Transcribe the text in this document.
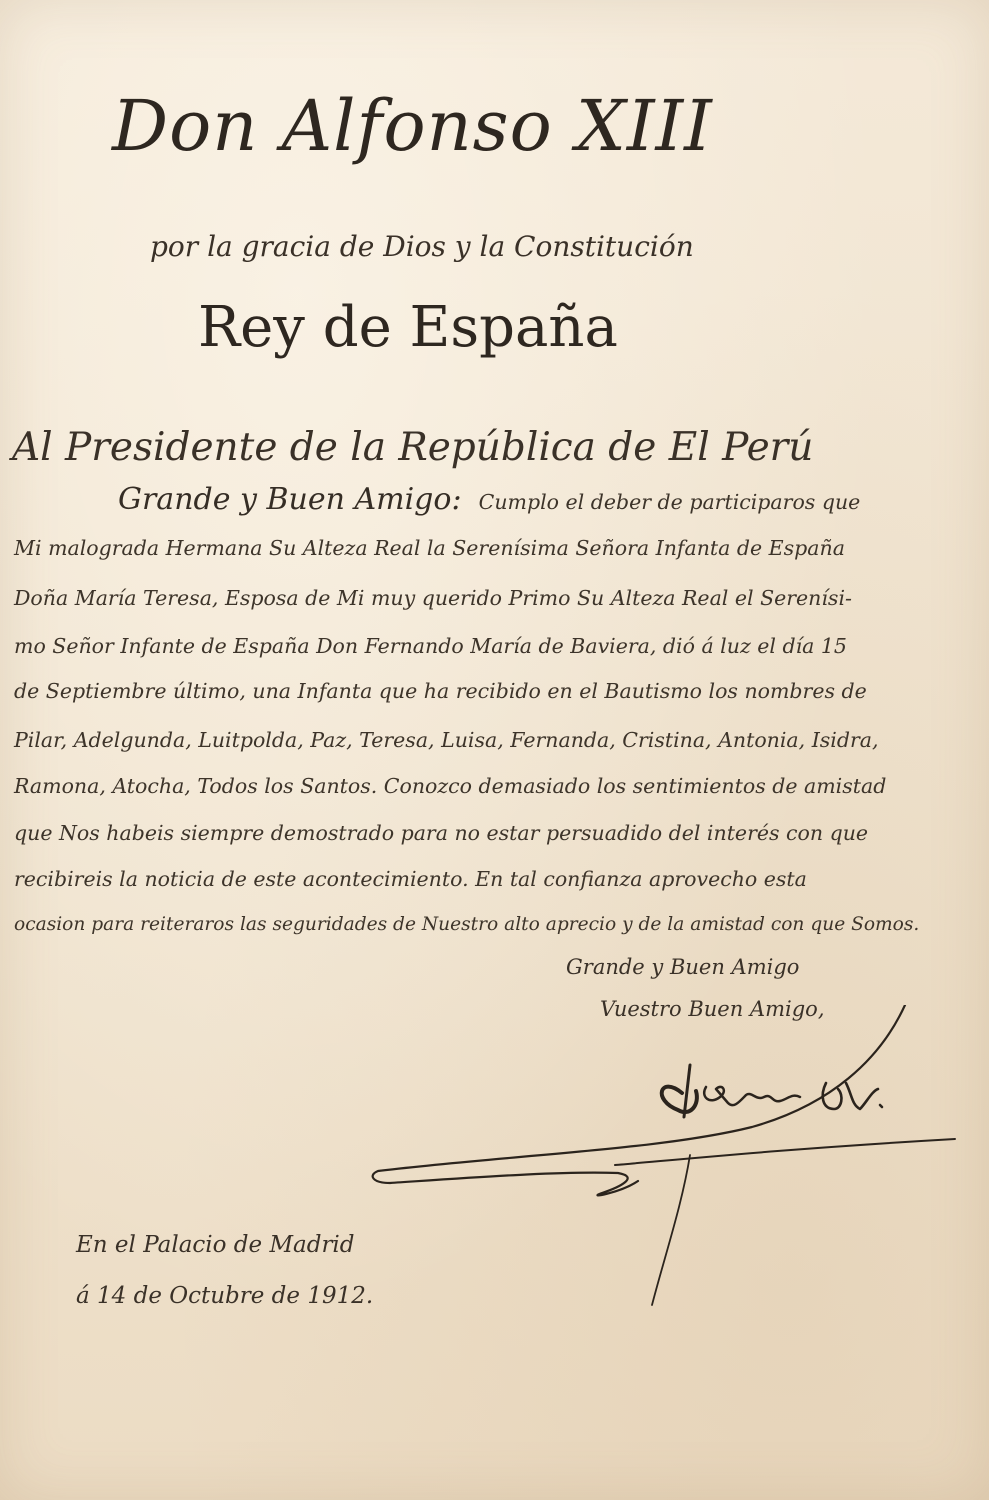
Don Alfonso XIII
por la gracia de Dios y la Constitución
Rey de España
Al Presidente de la República de El Perú
Grande y Buen Amigo: Cumplo el deber de participaros que
Mi malograda Hermana Su Alteza Real la Serenísima Señora Infanta de España
Doña María Teresa, Esposa de Mi muy querido Primo Su Alteza Real el Serenísi-
mo Señor Infante de España Don Fernando María de Baviera, dió á luz el día 15
de Septiembre último, una Infanta que ha recibido en el Bautismo los nombres de
Pilar, Adelgunda, Luitpolda, Paz, Teresa, Luisa, Fernanda, Cristina, Antonia, Isidra,
Ramona, Atocha, Todos los Santos. Conozco demasiado los sentimientos de amistad
que Nos habeis siempre demostrado para no estar persuadido del interés con que
recibireis la noticia de este acontecimiento. En tal confianza aprovecho esta
ocasion para reiteraros las seguridades de Nuestro alto aprecio y de la amistad con que Somos.
Grande y Buen Amigo
Vuestro Buen Amigo,
En el Palacio de Madrid
á 14 de Octubre de 1912.
